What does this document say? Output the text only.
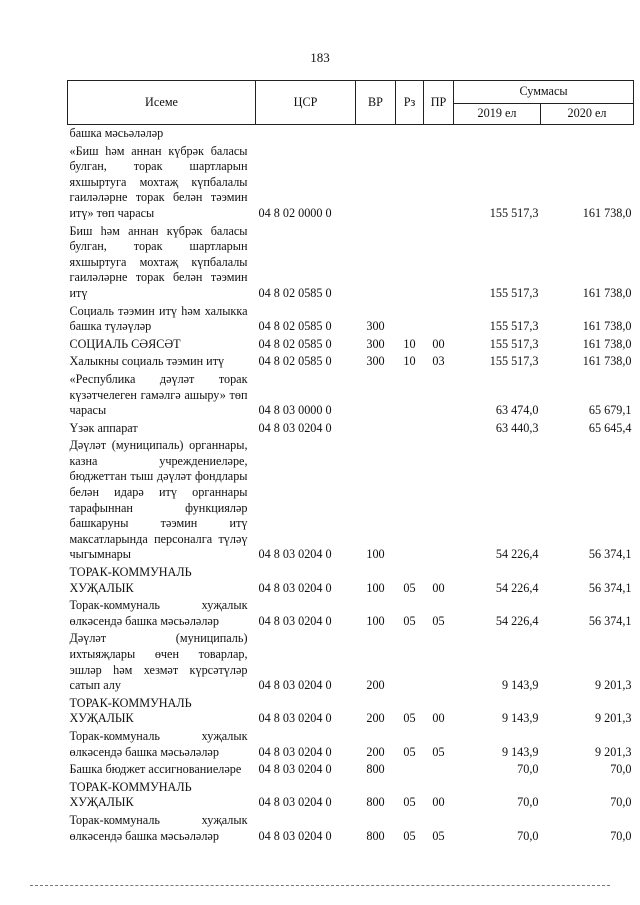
183
Исеме	ЦСР	ВР	Рз	ПР	Суммасы	
					2019 ел	2020 ел
башка мәсьәләләр						
«Биш һәм аннан күбрәк баласы булган, торак шартларын яхшыртуга мохтаҗ күпбалалы гаиләләрне торак белән тәэмин итү» төп чарасы	04 8 02 0000 0				155 517,3	161 738,0
Биш һәм аннан күбрәк баласы булган, торак шартларын яхшыртуга мохтаҗ күпбалалы гаиләләрне торак белән тәэмин итү	04 8 02 0585 0				155 517,3	161 738,0
Социаль тәэмин итү һәм халыкка башка түләүләр	04 8 02 0585 0	300			155 517,3	161 738,0
СОЦИАЛЬ СӘЯСӘТ	04 8 02 0585 0	300	10	00	155 517,3	161 738,0
Халыкны социаль тәэмин итү	04 8 02 0585 0	300	10	03	155 517,3	161 738,0
«Республика дәүләт торак күзәтчелеген гамәлгә ашыру» төп чарасы	04 8 03 0000 0				63 474,0	65 679,1
Үзәк аппарат	04 8 03 0204 0				63 440,3	65 645,4
Дәүләт (муниципаль) органнары, казна учреждениеләре, бюджеттан тыш дәүләт фондлары белән идарә итү органнары тарафыннан функцияләр башкаруны тәэмин итү максатларында персоналга түләү чыгымнары	04 8 03 0204 0	100			54 226,4	56 374,1
ТОРАК-КОММУНАЛЬ ХУҖАЛЫК	04 8 03 0204 0	100	05	00	54 226,4	56 374,1
Торак-коммуналь хуҗалык өлкәсендә башка мәсьәләләр	04 8 03 0204 0	100	05	05	54 226,4	56 374,1
Дәүләт (муниципаль) ихтыяҗлары өчен товарлар, эшләр һәм хезмәт күрсәтүләр сатып алу	04 8 03 0204 0	200			9 143,9	9 201,3
ТОРАК-КОММУНАЛЬ ХУҖАЛЫК	04 8 03 0204 0	200	05	00	9 143,9	9 201,3
Торак-коммуналь хуҗалык өлкәсендә башка мәсьәләләр	04 8 03 0204 0	200	05	05	9 143,9	9 201,3
Башка бюджет ассигнованиеләре	04 8 03 0204 0	800			70,0	70,0
ТОРАК-КОММУНАЛЬ ХУҖАЛЫК	04 8 03 0204 0	800	05	00	70,0	70,0
Торак-коммуналь хуҗалык өлкәсендә башка мәсьәләләр	04 8 03 0204 0	800	05	05	70,0	70,0
